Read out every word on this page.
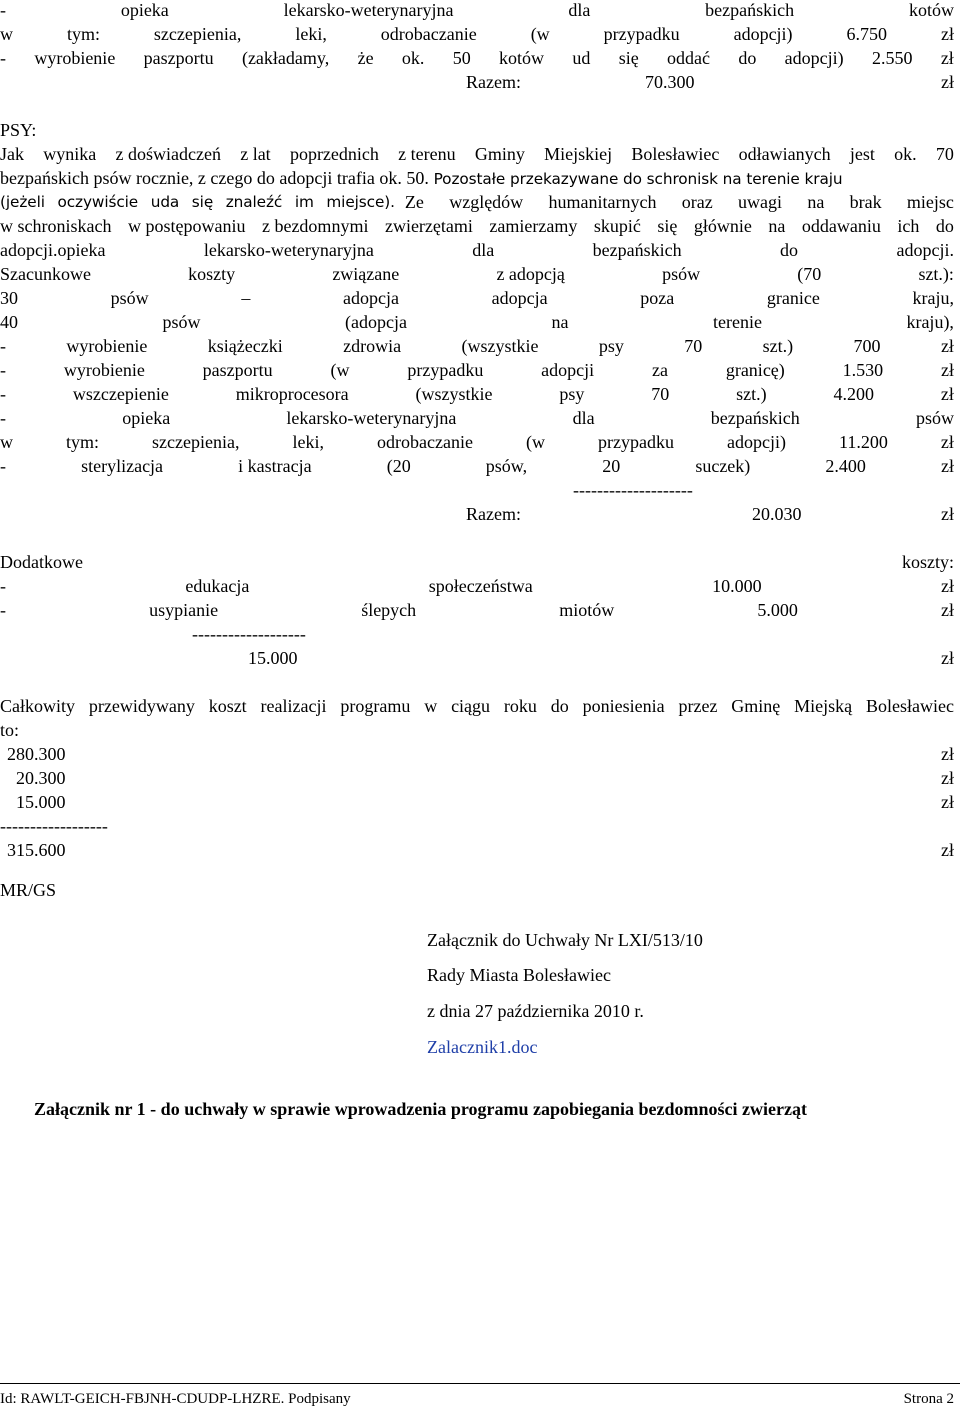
-	opieka	lekarsko-weterynaryjna	dla	bezpańskich	kotów
w	tym:	szczepienia,	leki,	odrobaczanie	(w	przypadku	adopcji)	6.750	zł
- wyrobienie paszportu (zakładamy, że ok. 50 kotów ud się oddać do adopcji) 2.550 zł
Razem:	70.300	zł
PSY:
Jak wynika z doświadczeń z lat poprzednich z terenu Gminy Miejskiej Bolesławiec odławianych jest ok. 70
bezpańskich psów rocznie, z czego do adopcji trafia ok. 50. Pozostałe przekazywane do schronisk na terenie kraju
(jeżeli oczywiście uda się znaleźć im miejsce). Ze względów humanitarnych oraz uwagi na brak miejsc
w schroniskach w postępowaniu z bezdomnymi zwierzętami zamierzamy skupić się głównie na oddawaniu ich do
adopcji.opieka	lekarsko-weterynaryjna	dla	bezpańskich	do	adopcji.
Szacunkowe	koszty	związane	z adopcją	psów	(70	szt.):
30	psów	–	adopcja	adopcja	poza	granice	kraju,
40	psów	(adopcja	na	terenie	kraju),
-	wyrobienie	książeczki	zdrowia	(wszystkie	psy	70	szt.)	700	zł
-	wyrobienie	paszportu	(w	przypadku	adopcji	za	granicę)	1.530	zł
-	wszczepienie	mikroprocesora	(wszystkie	psy	70	szt.)	4.200	zł
-	opieka	lekarsko-weterynaryjna	dla	bezpańskich	psów
w	tym:	szczepienia,	leki,	odrobaczanie	(w	przypadku	adopcji)	11.200	zł
-	sterylizacja	i kastracja	(20	psów,	20	suczek)	2.400	zł
--------------------
Razem:	20.030	zł
Dodatkowe	koszty:
-	edukacja	społeczeństwa	10.000	zł
-	usypianie	ślepych	miotów	5.000	zł
-------------------
15.000	zł
Całkowity przewidywany koszt realizacji programu w ciągu roku do poniesienia przez Gminę Miejską Bolesławiec
to:
280.300	zł
20.300	zł
15.000	zł
------------------
315.600	zł
MR/GS
Załącznik do Uchwały Nr LXI/513/10
Rady Miasta Bolesławiec
z dnia 27 października 2010 r.
Zalacznik1.doc
Załącznik nr 1 - do uchwały w sprawie wprowadzenia programu zapobiegania bezdomności zwierząt
Id: RAWLT-GEICH-FBJNH-CDUDP-LHZRE. Podpisany	Strona 2
